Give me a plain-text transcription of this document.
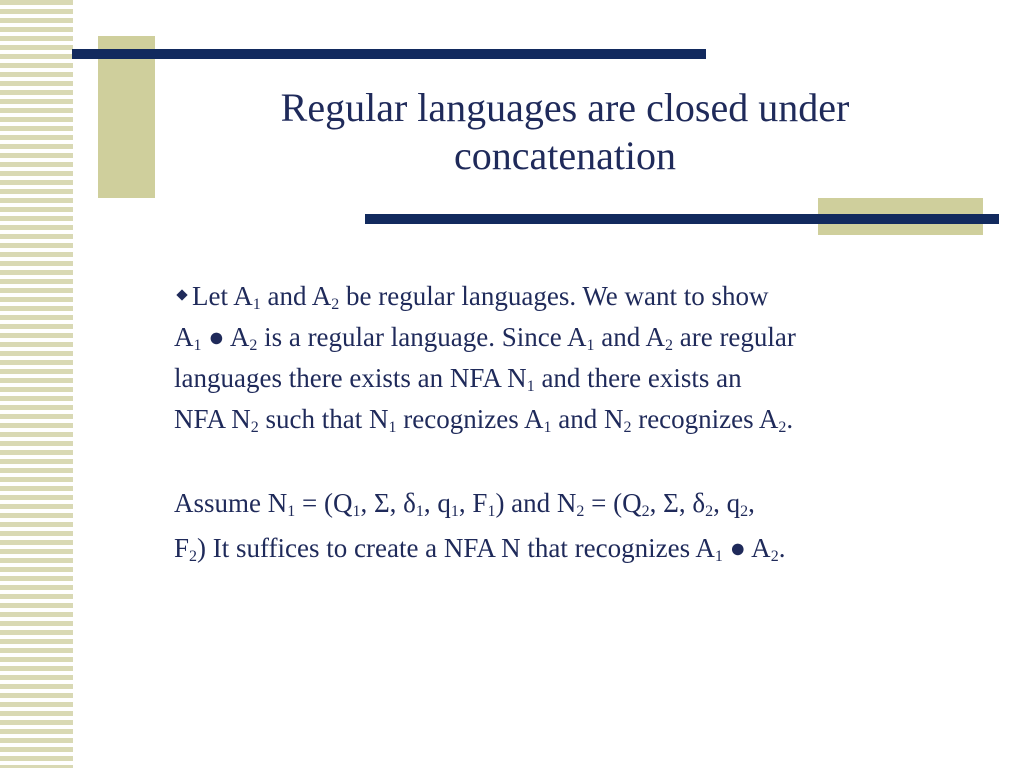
Regular languages are closed under
concatenation

Let $A_1$ and $A_2$ be regular languages. We want to show
$A_1$ ● $A_2$ is a regular language. Since $A_1$ and $A_2$ are regular
languages there exists an NFA $N_1$ and there exists an
NFA $N_2$ such that $N_1$ recognizes $A_1$ and $N_2$ recognizes $A_2$.

Assume $N_1 = (Q_1$, Σ, $\delta_1$, $q_1$, $F_1$) and $N_2 = (Q_2$, Σ, $\delta_2$, $q_2$,
$F_2$) It suffices to create a NFA N that recognizes $A_1$ ● $A_2$.
